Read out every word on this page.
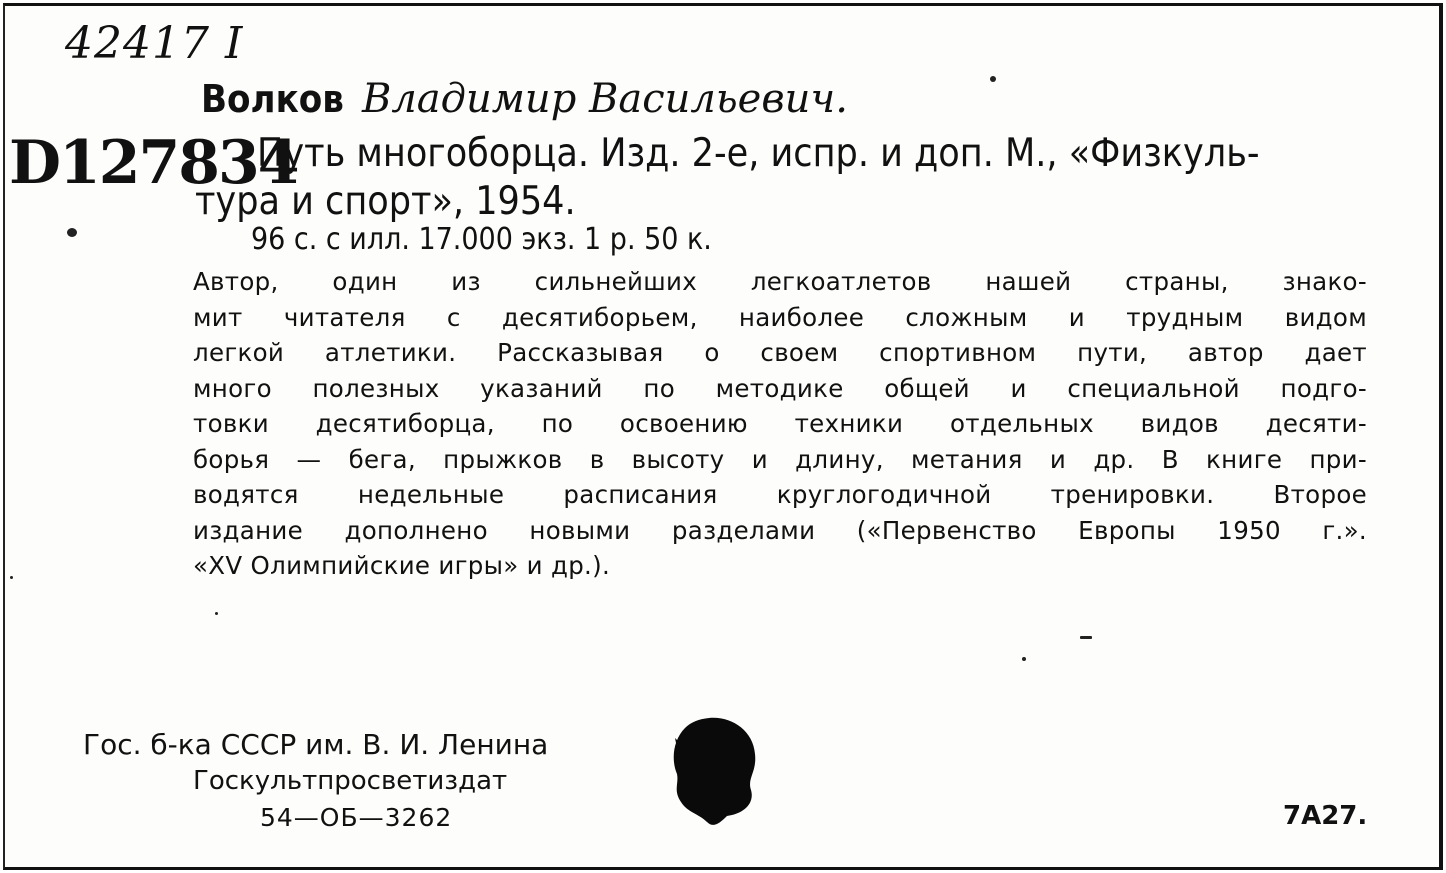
42417 I
D127834
Волков Владимир Васильевич.
Путь многоборца. Изд. 2-е, испр. и доп. М., «Физкуль-
тура и спорт», 1954.
96 с. с илл. 17.000 экз. 1 р. 50 к.
Автор, один из сильнейших легкоатлетов нашей страны, знако-
мит читателя с десятиборьем, наиболее сложным и трудным видом
легкой атлетики. Рассказывая о своем спортивном пути, автор дает
много полезных указаний по методике общей и специальной подго-
товки десятиборца, по освоению техники отдельных видов десяти-
борья — бега, прыжков в высоту и длину, метания и др. В книге при-
водятся недельные расписания круглогодичной тренировки. Второе
издание дополнено новыми разделами («Первенство Европы 1950 г.».
«XV Олимпийские игры» и др.).
Гос. б-ка СССР им. В. И. Ленина
Госкультпросветиздат
54—ОБ—3262	7А27.
